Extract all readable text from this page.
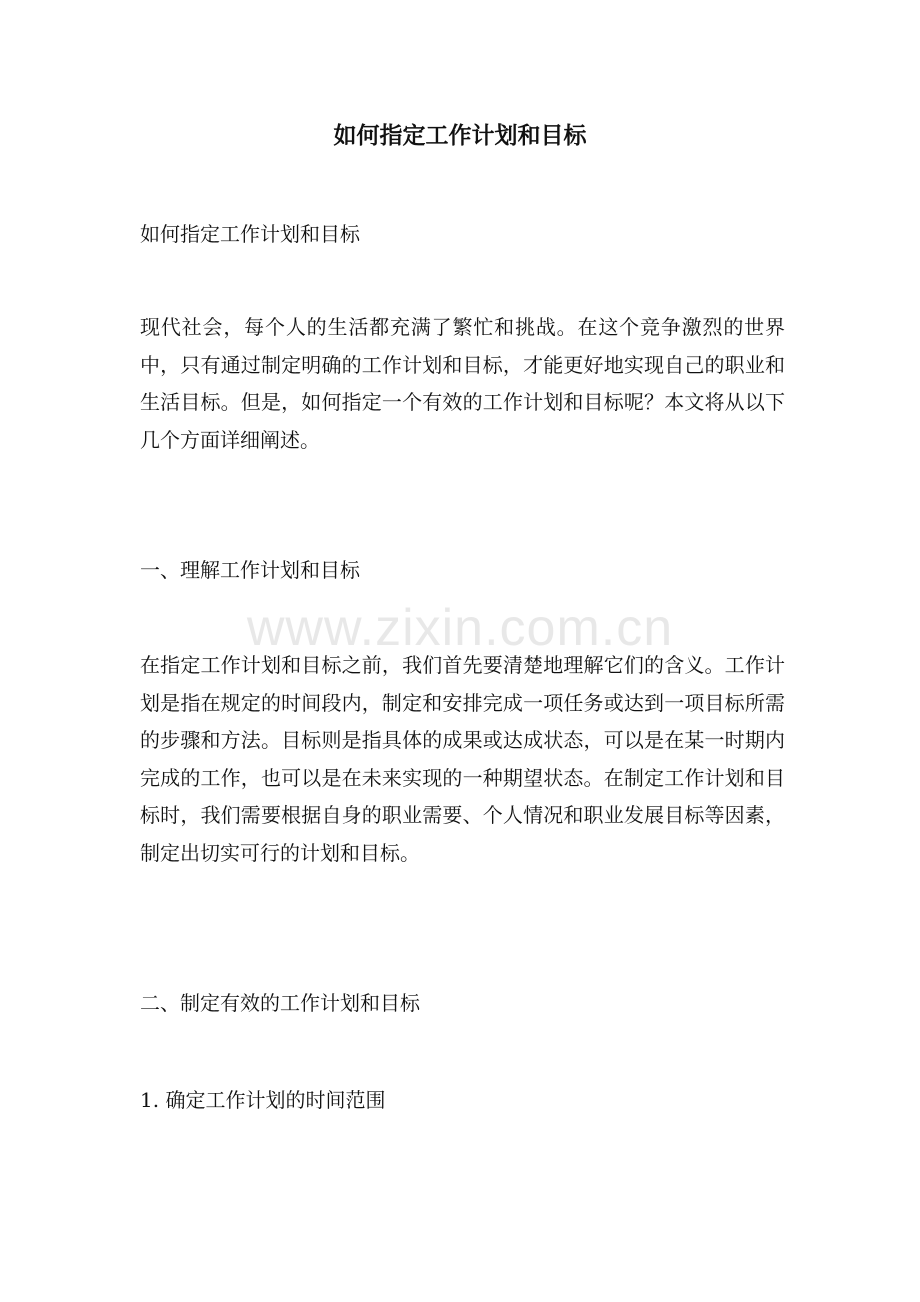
如何指定工作计划和目标
如何指定工作计划和目标
现代社会，每个人的生活都充满了繁忙和挑战。在这个竞争激烈的世界中，只有通过制定明确的工作计划和目标，才能更好地实现自己的职业和生活目标。但是，如何指定一个有效的工作计划和目标呢？本文将从以下几个方面详细阐述。
一、理解工作计划和目标
在指定工作计划和目标之前，我们首先要清楚地理解它们的含义。工作计划是指在规定的时间段内，制定和安排完成一项任务或达到一项目标所需的步骤和方法。目标则是指具体的成果或达成状态，可以是在某一时期内完成的工作，也可以是在未来实现的一种期望状态。在制定工作计划和目标时，我们需要根据自身的职业需要、个人情况和职业发展目标等因素，制定出切实可行的计划和目标。
二、制定有效的工作计划和目标
1. 确定工作计划的时间范围
www.zixin.com.cn
